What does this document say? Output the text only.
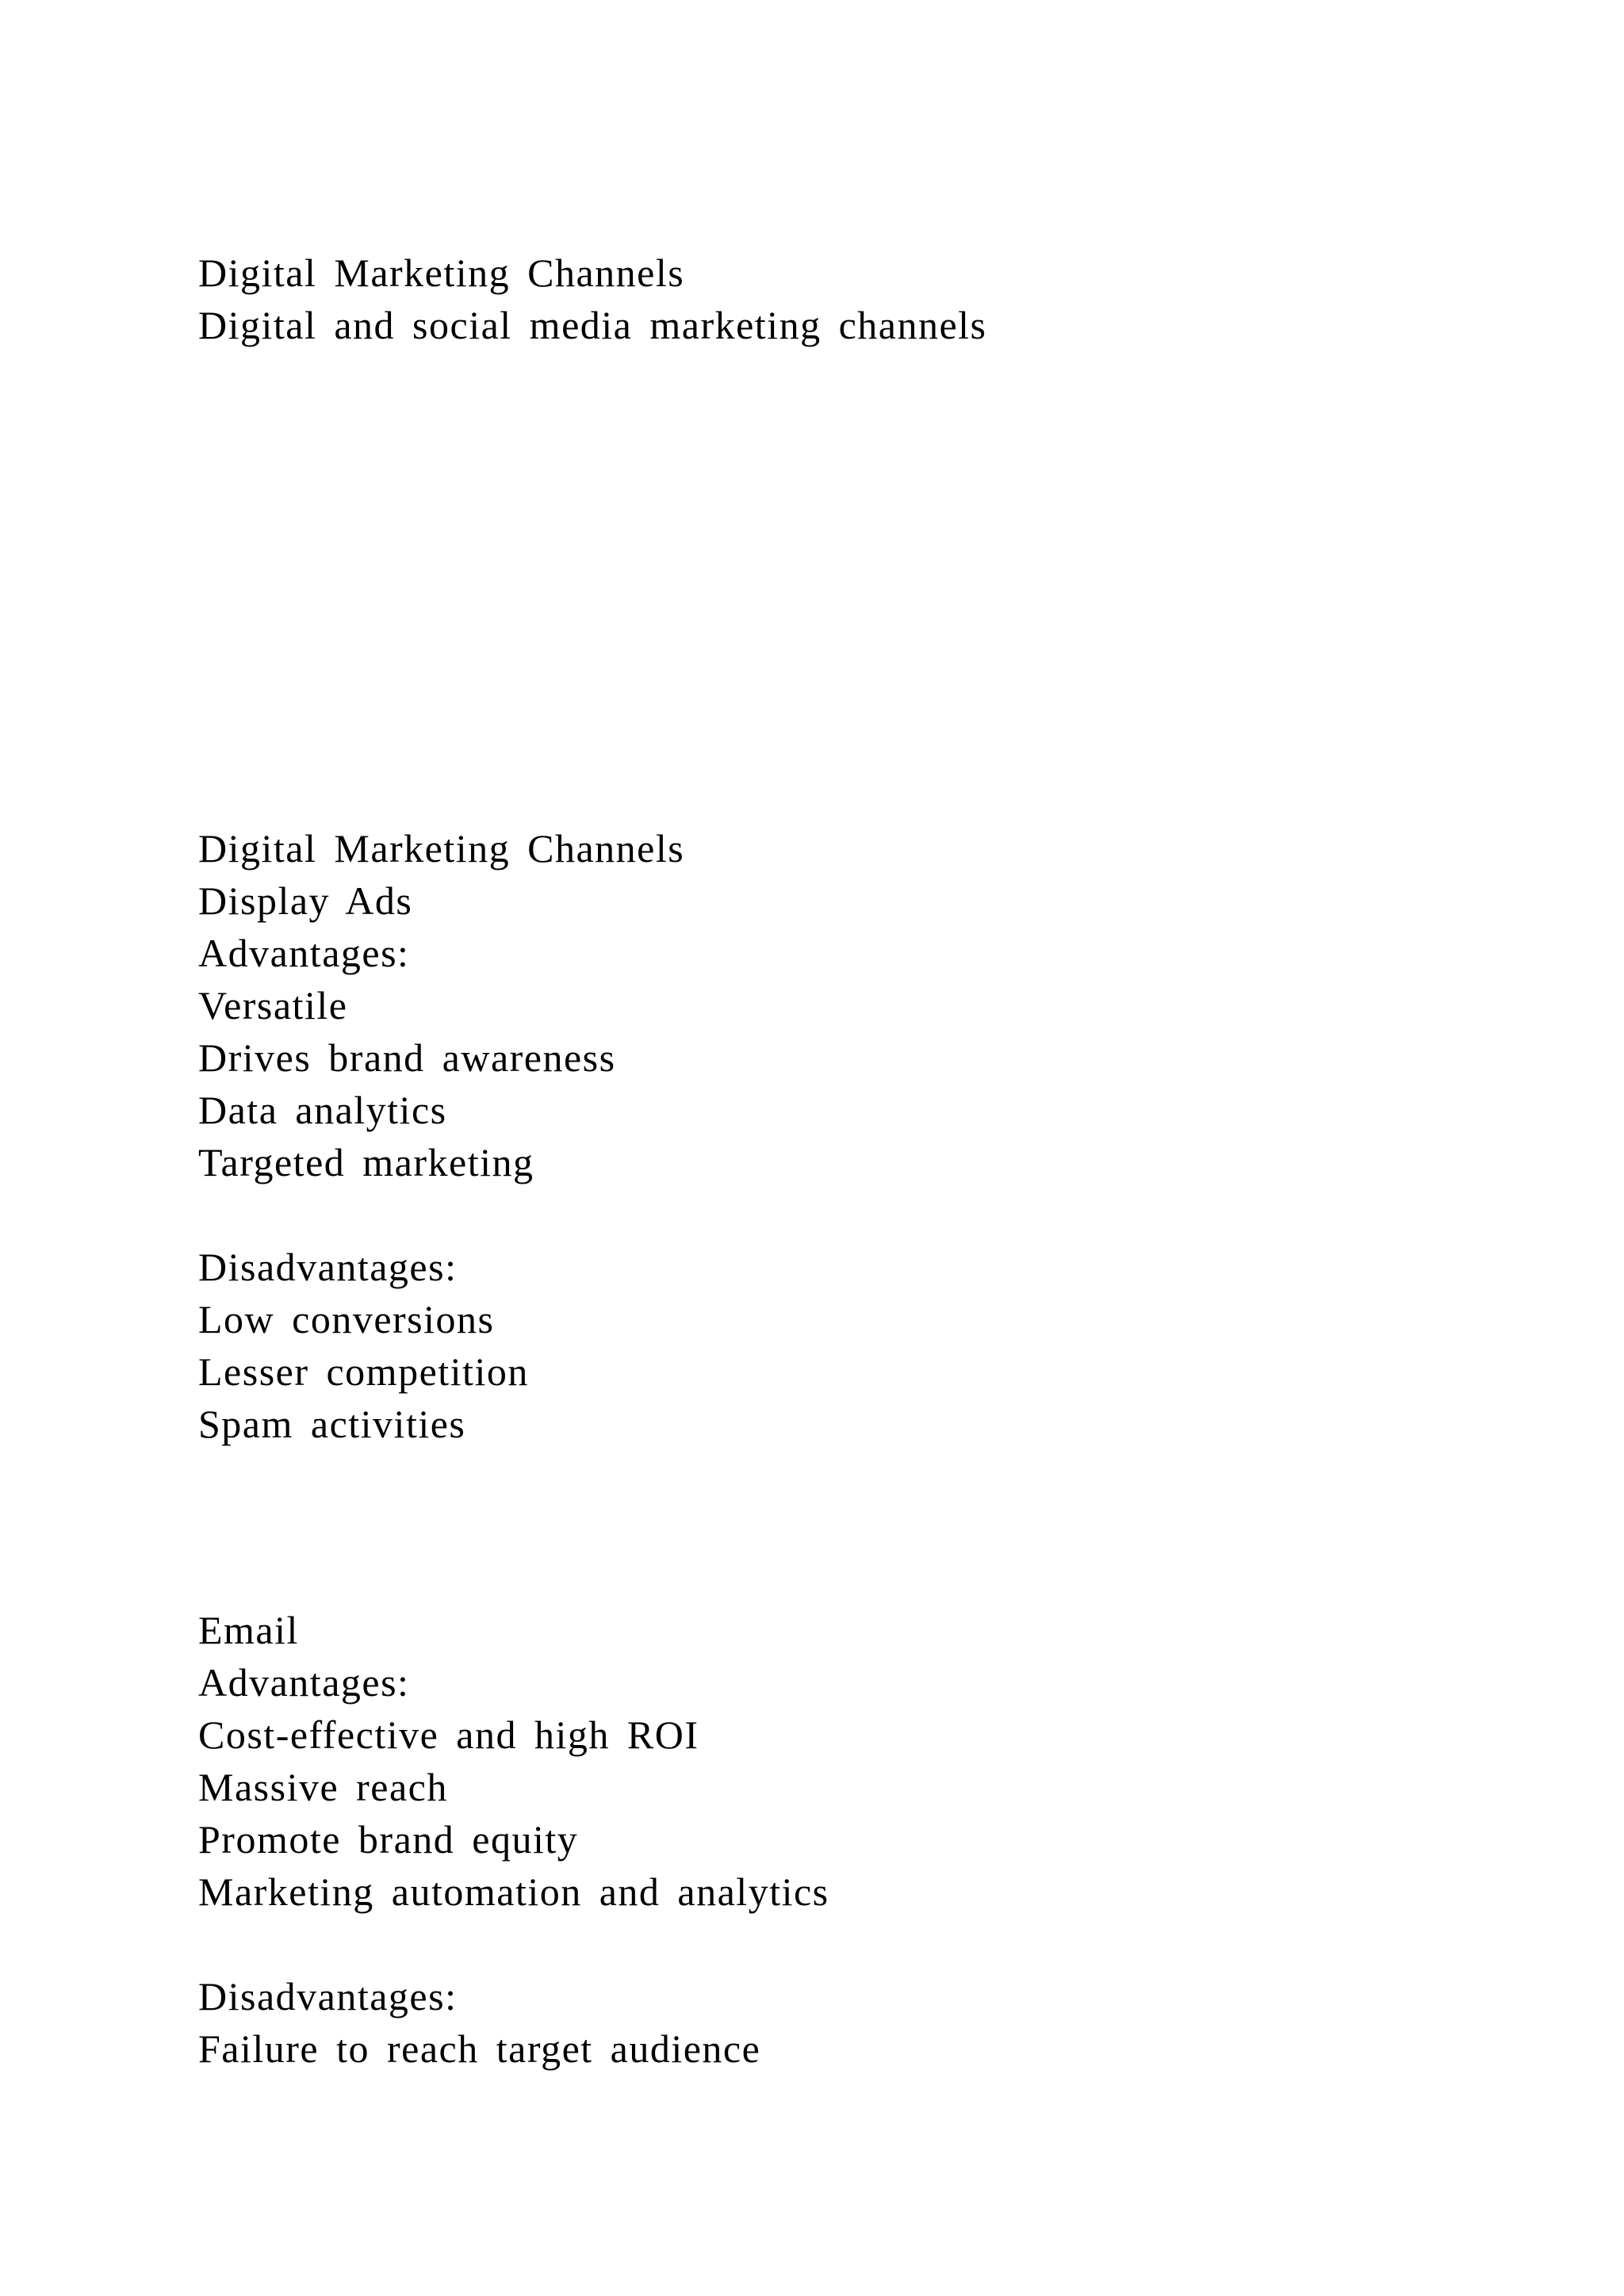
Digital Marketing Channels

Digital and social media marketing channels

Digital Marketing Channels

Display Ads

Advantages:

Versatile

Drives brand awareness

Data analytics

Targeted marketing

Disadvantages:

Low conversions

Lesser competition

Spam activities

Email

Advantages:

Cost-effective and high ROI

Massive reach

Promote brand equity

Marketing automation and analytics

Disadvantages:

Failure to reach target audience
